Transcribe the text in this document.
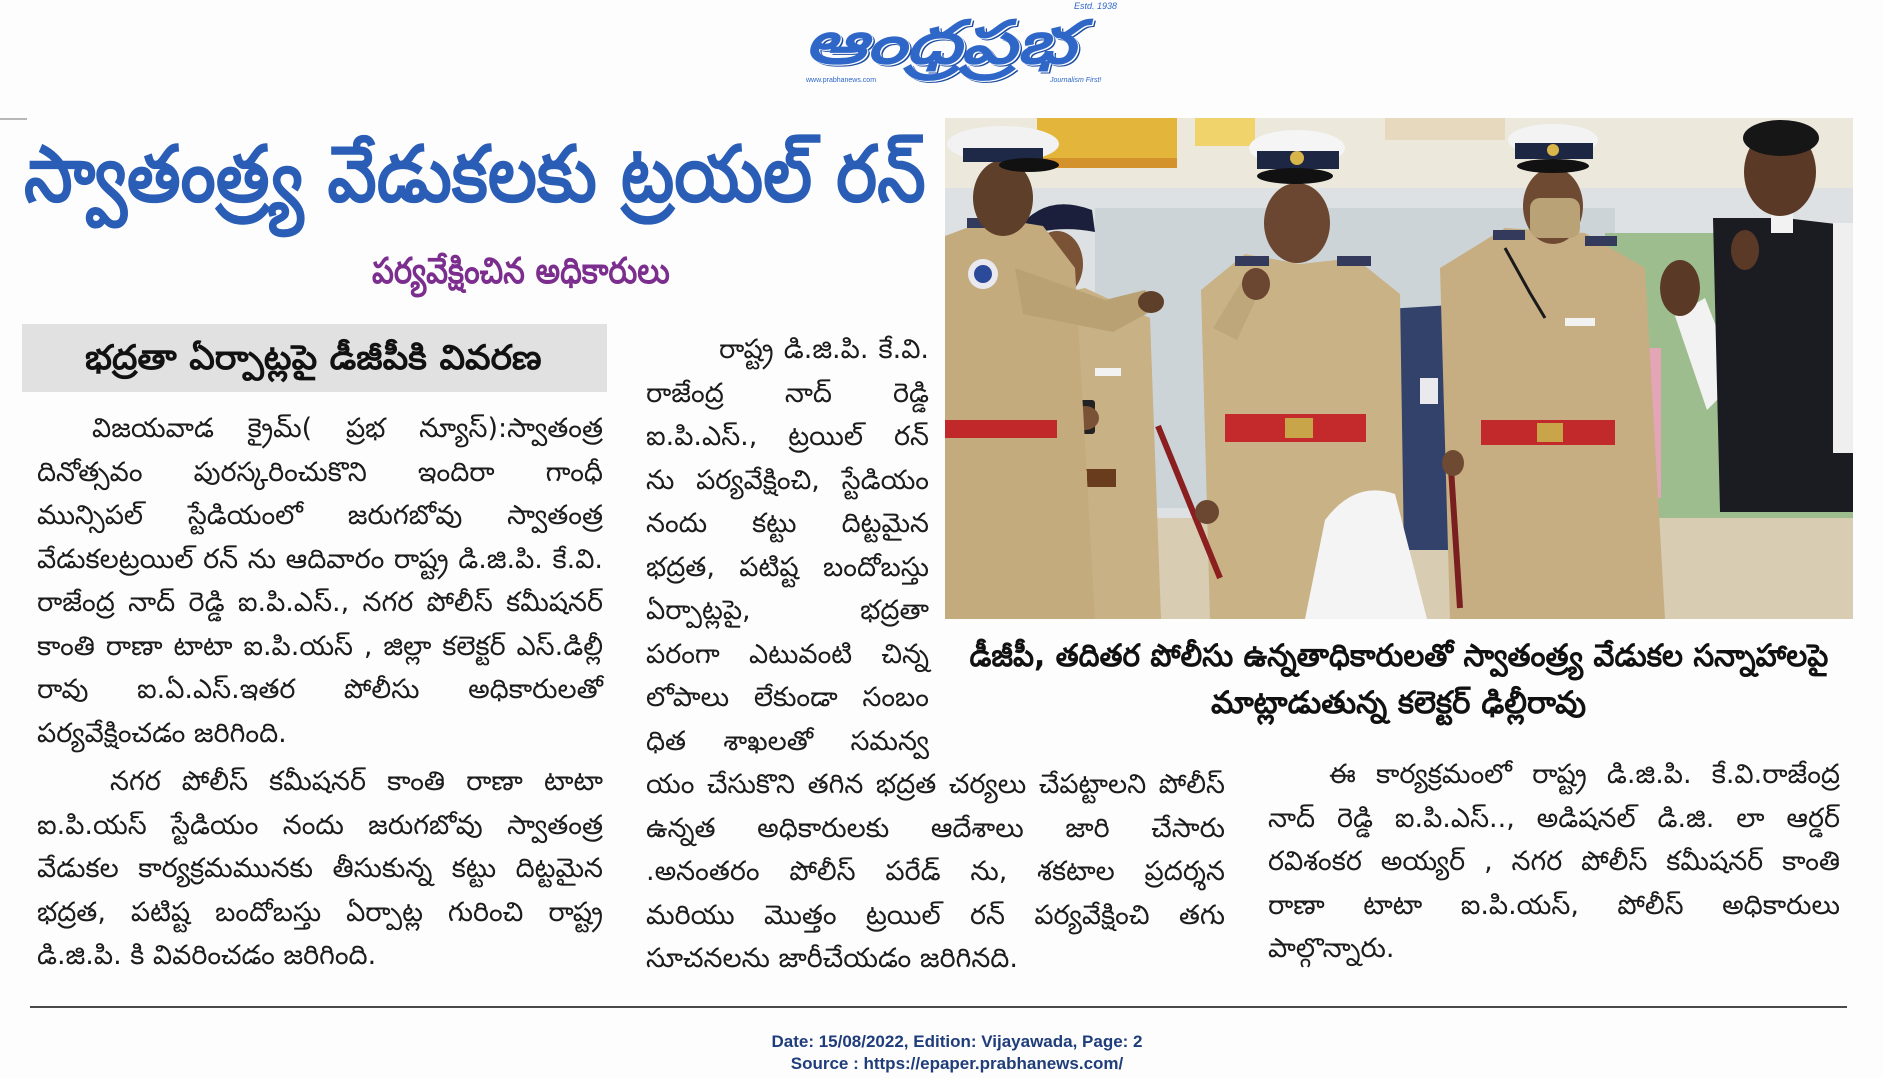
ఆంధ్రప్రభ
Estd. 1938
www.prabhanews.com	Journalism First!
స్వాతంత్ర్య వేడుకలకు ట్రయల్ రన్
పర్యవేక్షించిన అధికారులు
భద్రతా ఏర్పాట్లపై డీజీపీకి వివరణ
విజయవాడ క్రైమ్( ప్రభ న్యూస్):స్వాతంత్ర
దినోత్సవం పురస్కరించుకొని ఇందిరా గాంధీ
మున్సిపల్ స్టేడియంలో జరుగబోవు స్వాతంత్ర
వేడుకలట్రయిల్ రన్ ను ఆదివారం రాష్ట్ర డి.జి.పి. కే.వి.
రాజేంద్ర నాద్ రెడ్డి ఐ.పి.ఎస్., నగర పోలీస్ కమీషనర్
కాంతి రాణా టాటా ఐ.పి.యస్ , జిల్లా కలెక్టర్ ఎస్.డిల్లీ
రావు ఐ.ఏ.ఎస్.ఇతర పోలీసు అధికారులతో
పర్యవేక్షించడం జరిగింది.
నగర పోలీస్ కమీషనర్ కాంతి రాణా టాటా
ఐ.పి.యస్ స్టేడియం నందు జరుగబోవు స్వాతంత్ర
వేడుకల కార్యక్రమమునకు తీసుకున్న కట్టు దిట్టమైన
భద్రత, పటిష్ట బందోబస్తు ఏర్పాట్ల గురించి రాష్ట్ర
డి.జి.పి. కి వివరించడం జరిగింది.
రాష్ట్ర డి.జి.పి. కే.వి.
రాజేంద్ర నాద్ రెడ్డి
ఐ.పి.ఎస్., ట్రయిల్ రన్
ను పర్యవేక్షించి, స్టేడియం
నందు కట్టు దిట్టమైన
భద్రత, పటిష్ట బందోబస్తు
ఏర్పాట్లపై, భద్రతా
పరంగా ఎటువంటి చిన్న
లోపాలు లేకుండా సంబం
ధిత శాఖలతో సమన్వ
యం చేసుకొని తగిన భద్రత చర్యలు చేపట్టాలని పోలీస్
ఉన్నత అధికారులకు ఆదేశాలు జారి చేసారు
.అనంతరం పోలీస్ పరేడ్ ను, శకటాల ప్రదర్శన
మరియు మొత్తం ట్రయిల్ రన్ పర్యవేక్షించి తగు
సూచనలను జారీచేయడం జరిగినది.
డీజీపీ, తదితర పోలీసు ఉన్నతాధికారులతో స్వాతంత్ర్య వేడుకల సన్నాహాలపై
మాట్లాడుతున్న కలెక్టర్ ఢిల్లీరావు
ఈ కార్యక్రమంలో రాష్ట్ర డి.జి.పి. కే.వి.రాజేంద్ర
నాద్ రెడ్డి ఐ.పి.ఎస్.., అడిషనల్ డి.జి. లా ఆర్డర్
రవిశంకర అయ్యర్ , నగర పోలీస్ కమీషనర్ కాంతి
రాణా టాటా ఐ.పి.యస్, పోలీస్ అధికారులు
పాల్గొన్నారు.
Date: 15/08/2022, Edition: Vijayawada, Page: 2
Source : https://epaper.prabhanews.com/
